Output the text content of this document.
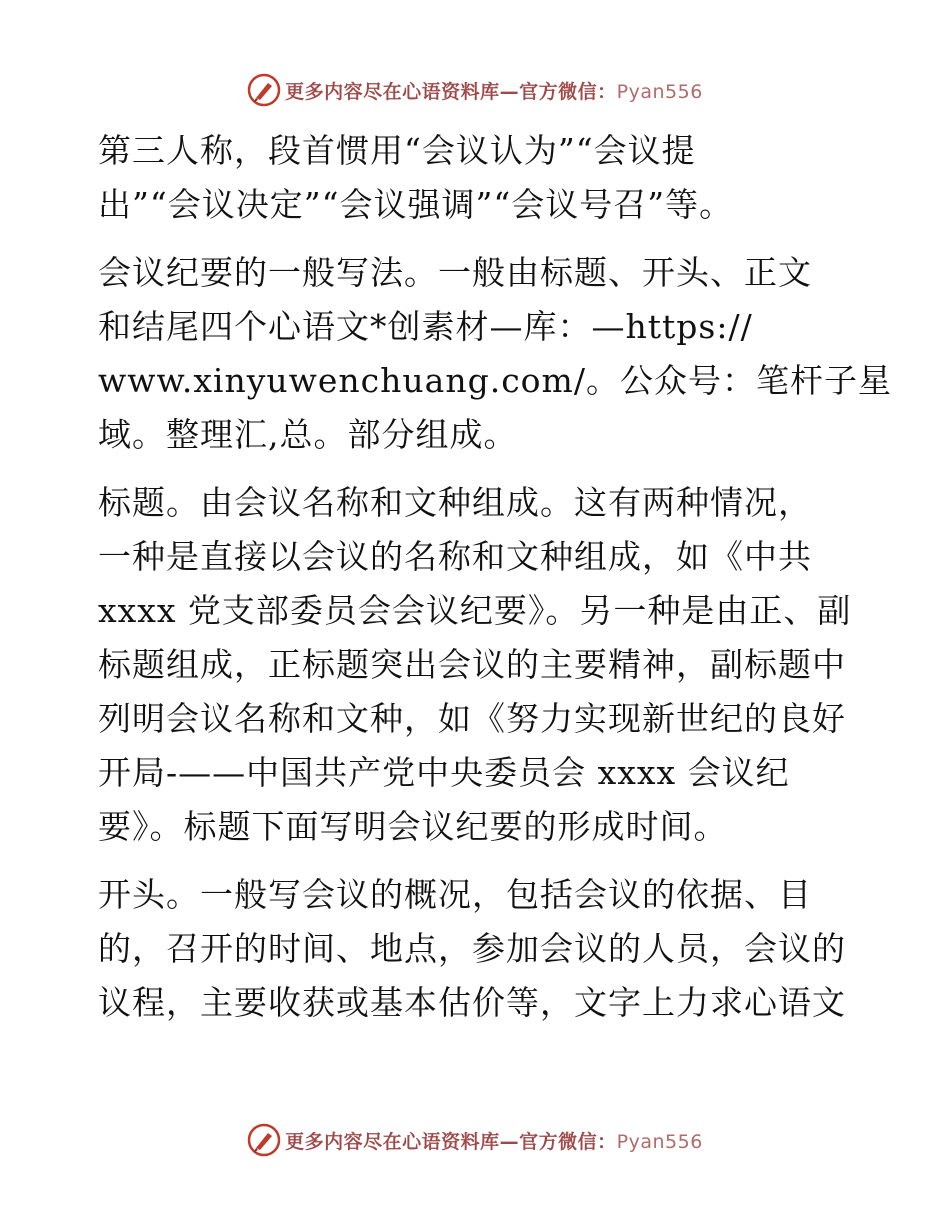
更多内容尽在心语资料库—官方微信：Pyan556

第三人称，段首惯用“会议认为”“会议提
出”“会议决定”“会议强调”“会议号召”等。

会议纪要的一般写法。一般由标题、开头、正文
和结尾四个心语文*创素材—库：—https://
www.xinyuwenchuang.com/。公众号：笔杆子星
域。整理汇,总。部分组成。

标题。由会议名称和文种组成。这有两种情况，
一种是直接以会议的名称和文种组成，如《中共
xxxx 党支部委员会会议纪要》。另一种是由正、副
标题组成，正标题突出会议的主要精神，副标题中
列明会议名称和文种，如《努力实现新世纪的良好
开局-——中国共产党中央委员会 xxxx 会议纪
要》。标题下面写明会议纪要的形成时间。

开头。一般写会议的概况，包括会议的依据、目
的，召开的时间、地点，参加会议的人员，会议的
议程，主要收获或基本估价等，文字上力求心语文

更多内容尽在心语资料库—官方微信：Pyan556
